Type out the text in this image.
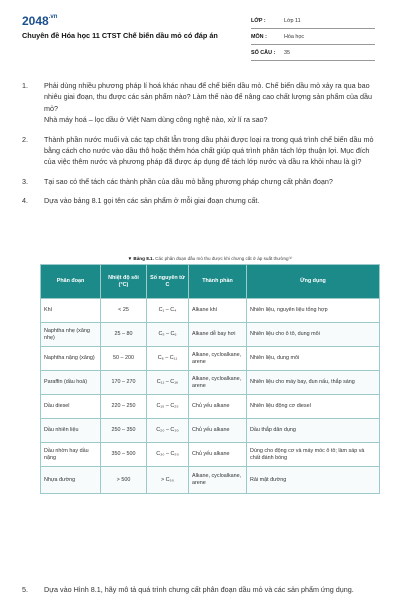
$2048^{.vn}$
Chuyên đề Hóa học 11 CTST Chế biến dầu mỏ có đáp án
LỚP :	Lớp 11
MÔN :	Hóa học
SỐ CÂU :	35
1.	Phải dùng nhiều phương pháp lí hoá khác nhau để chế biến dầu mỏ. Chế biến dầu mỏ xảy ra qua bao nhiêu giai đoạn, thu được các sản phẩm nào? Làm thế nào để nâng cao chất lượng sản phẩm của dầu mỏ?

Nhà máy hoá – lọc dầu ở Việt Nam dùng công nghệ nào, xử lí ra sao?

2.	Thành phần nước muối và các tạp chất lẫn trong dầu phải được loại ra trong quá trình chế biến dầu mỏ bằng cách cho nước vào dầu thô hoặc thêm hóa chất giúp quá trình phân tách lớp thuận lợi. Mục đích của việc thêm nước và phương pháp đã được áp dụng để tách lớp nước và dầu ra khỏi nhau là gì?

3.	Tại sao có thể tách các thành phần của dầu mỏ bằng phương pháp chưng cất phân đoạn?

4.	Dựa vào bảng 8.1 gọi tên các sản phẩm ở mỗi giai đoạn chưng cất.

▼ Bảng 8.1. Các phân đoạn dầu mỏ thu được khi chưng cất ở áp suất thường⁽¹⁾
Phân đoạn	Nhiệt độ sôi (°C)	Số nguyên tử C	Thành phần	Ứng dụng
Khí	< 25	C₁ – C₄	Alkane khí	Nhiên liệu, nguyên liệu tổng hợp
Naphtha nhẹ (xăng nhẹ)	25 – 80	C₅ – C₆	Alkane dễ bay hơi	Nhiên liệu cho ô tô, dung môi
Naphtha nặng (xăng)	50 – 200	C₆ – C₁₁	Alkane, cycloalkane, arene	Nhiên liệu, dung môi
Paraffin (dầu hoả)	170 – 270	C₁₁ – C₁₆	Alkane, cycloalkane, arene	Nhiên liệu cho máy bay, đun nấu, thắp sáng
Dầu diesel	220 – 250	C₁₅ – C₂₅	Chủ yếu alkane	Nhiên liệu động cơ diesel
Dầu nhiên liệu	250 – 350	C₂₀ – C₃₀	Chủ yếu alkane	Dầu thắp dân dụng
Dầu nhờn hay dầu nặng	350 – 500	C₃₀ – C₅₀	Chủ yếu alkane	Dùng cho động cơ và máy móc ô tô; làm sáp và chất đánh bóng
Nhựa đường	> 500	> C₅₀	Alkane, cycloalkane, arene	Rải mặt đường
5.	Dựa vào Hình 8.1, hãy mô tả quá trình chưng cất phân đoạn dầu mỏ và các sản phẩm ứng dụng.
